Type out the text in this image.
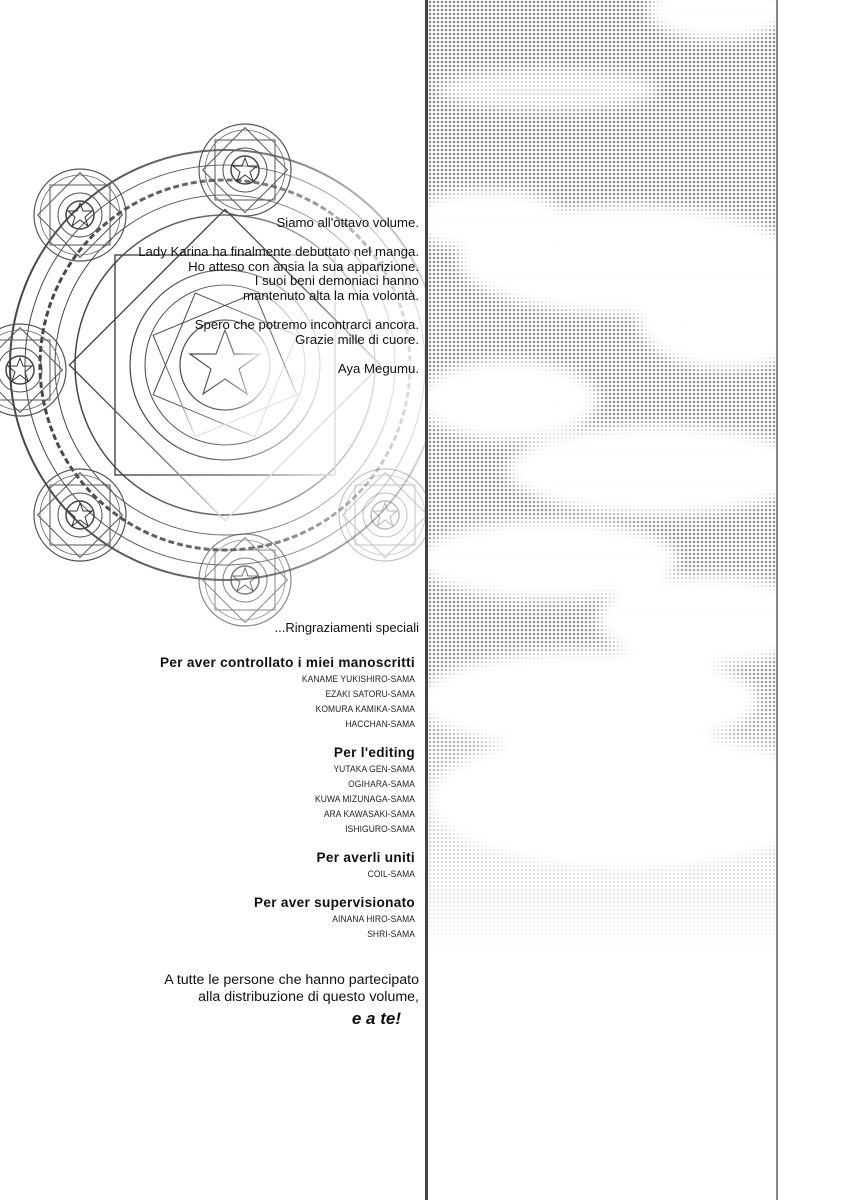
Siamo all'ottavo volume.

Lady Karina ha finalmente debuttato nel manga.
Ho atteso con ansia la sua apparizione.
I suoi beni demoniaci hanno
mantenuto alta la mia volontà.

Spero che potremo incontrarci ancora.
Grazie mille di cuore.

Aya Megumu.

...Ringraziamenti speciali
Per aver controllato i miei manoscritti
KANAME YUKISHIRO-SAMA
EZAKI SATORU-SAMA
KOMURA KAMIKA-SAMA
HACCHAN-SAMA
Per l'editing
YUTAKA GEN-SAMA
OGIHARA-SAMA
KUWA MIZUNAGA-SAMA
ARA KAWASAKI-SAMA
ISHIGURO-SAMA
Per averli uniti
COIL-SAMA
Per aver supervisionato
AINANA HIRO-SAMA
SHRI-SAMA
A tutte le persone che hanno partecipato
alla distribuzione di questo volume,
e a te!
